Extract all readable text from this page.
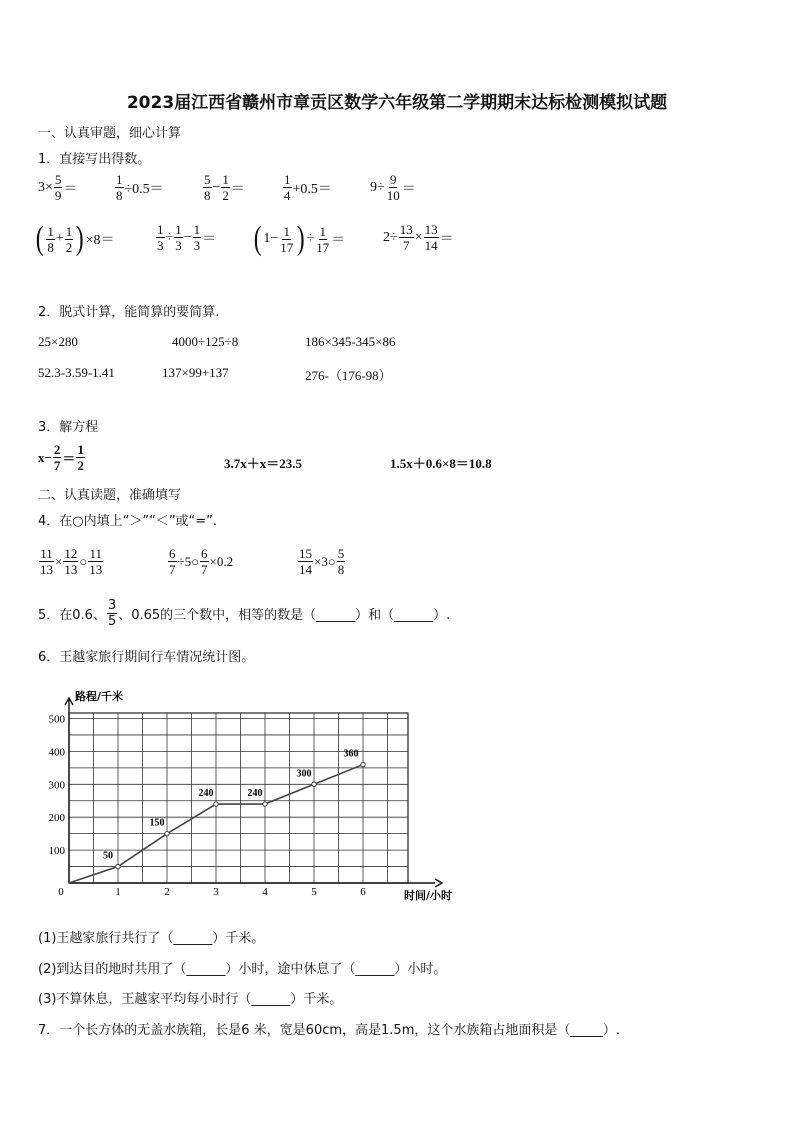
2023届江西省赣州市章贡区数学六年级第二学期期末达标检测模拟试题
一、认真审题，细心计算
1．直接写出得数。
$3\times \frac{5}{9}$ ＝	$\frac{1}{8} \div 0.5=$	$\frac{5}{8} - \frac{1}{2}$ ＝	$\frac{1}{4} +0.5=$	$9\div \frac{9}{10}$ ＝
( $\frac{1}{8} + \frac{1}{2}$ ) ×8＝	$\frac{1}{3} \div \frac{1}{3} - \frac{1}{3}$ ＝ ( $1- \frac{1}{17}$ ) ÷ $\frac{1}{17}$ ＝	$2\div \frac{13}{7} \times \frac{13}{14}$ ＝
2．脱式计算，能简算的要简算.
25×280	4000÷125÷8	186×345-345×86
52.3-3.59-1.41	137×99+137	276-（176-98）
3．解方程
$x- \frac{2}{7} = \frac{1}{2}$	3.7x＋x＝23.5	1.5x＋0.6×8＝10.8
二、认真读题，准确填写
4．在○内填上“＞”“＜”或“=”.
$\frac{11}{13} \times \frac{12}{13}$ ○ $\frac{11}{13}$	$\frac{6}{7}$ ÷5○ $\frac{6}{7} \times 0.2$	$\frac{15}{14}$ ×3○ $\frac{5}{8}$
5．在0.6、 $\frac{3}{5}$ 、0.65的三个数中，相等的数是（______）和（______）.
6．王越家旅行期间行车情况统计图。
0	1	2	3	4	5	6
100
200
300
400
500
50
150
240	240
300
360
路程/千米
时间/小时
(1)王越家旅行共行了（______）千米。
(2)到达目的地时共用了（______）小时，途中休息了（______）小时。
(3)不算休息，王越家平均每小时行（______）千米。
7．一个长方体的无盖水族箱，长是6 米，宽是60cm，高是1.5m，这个水族箱占地面积是（_____）.
